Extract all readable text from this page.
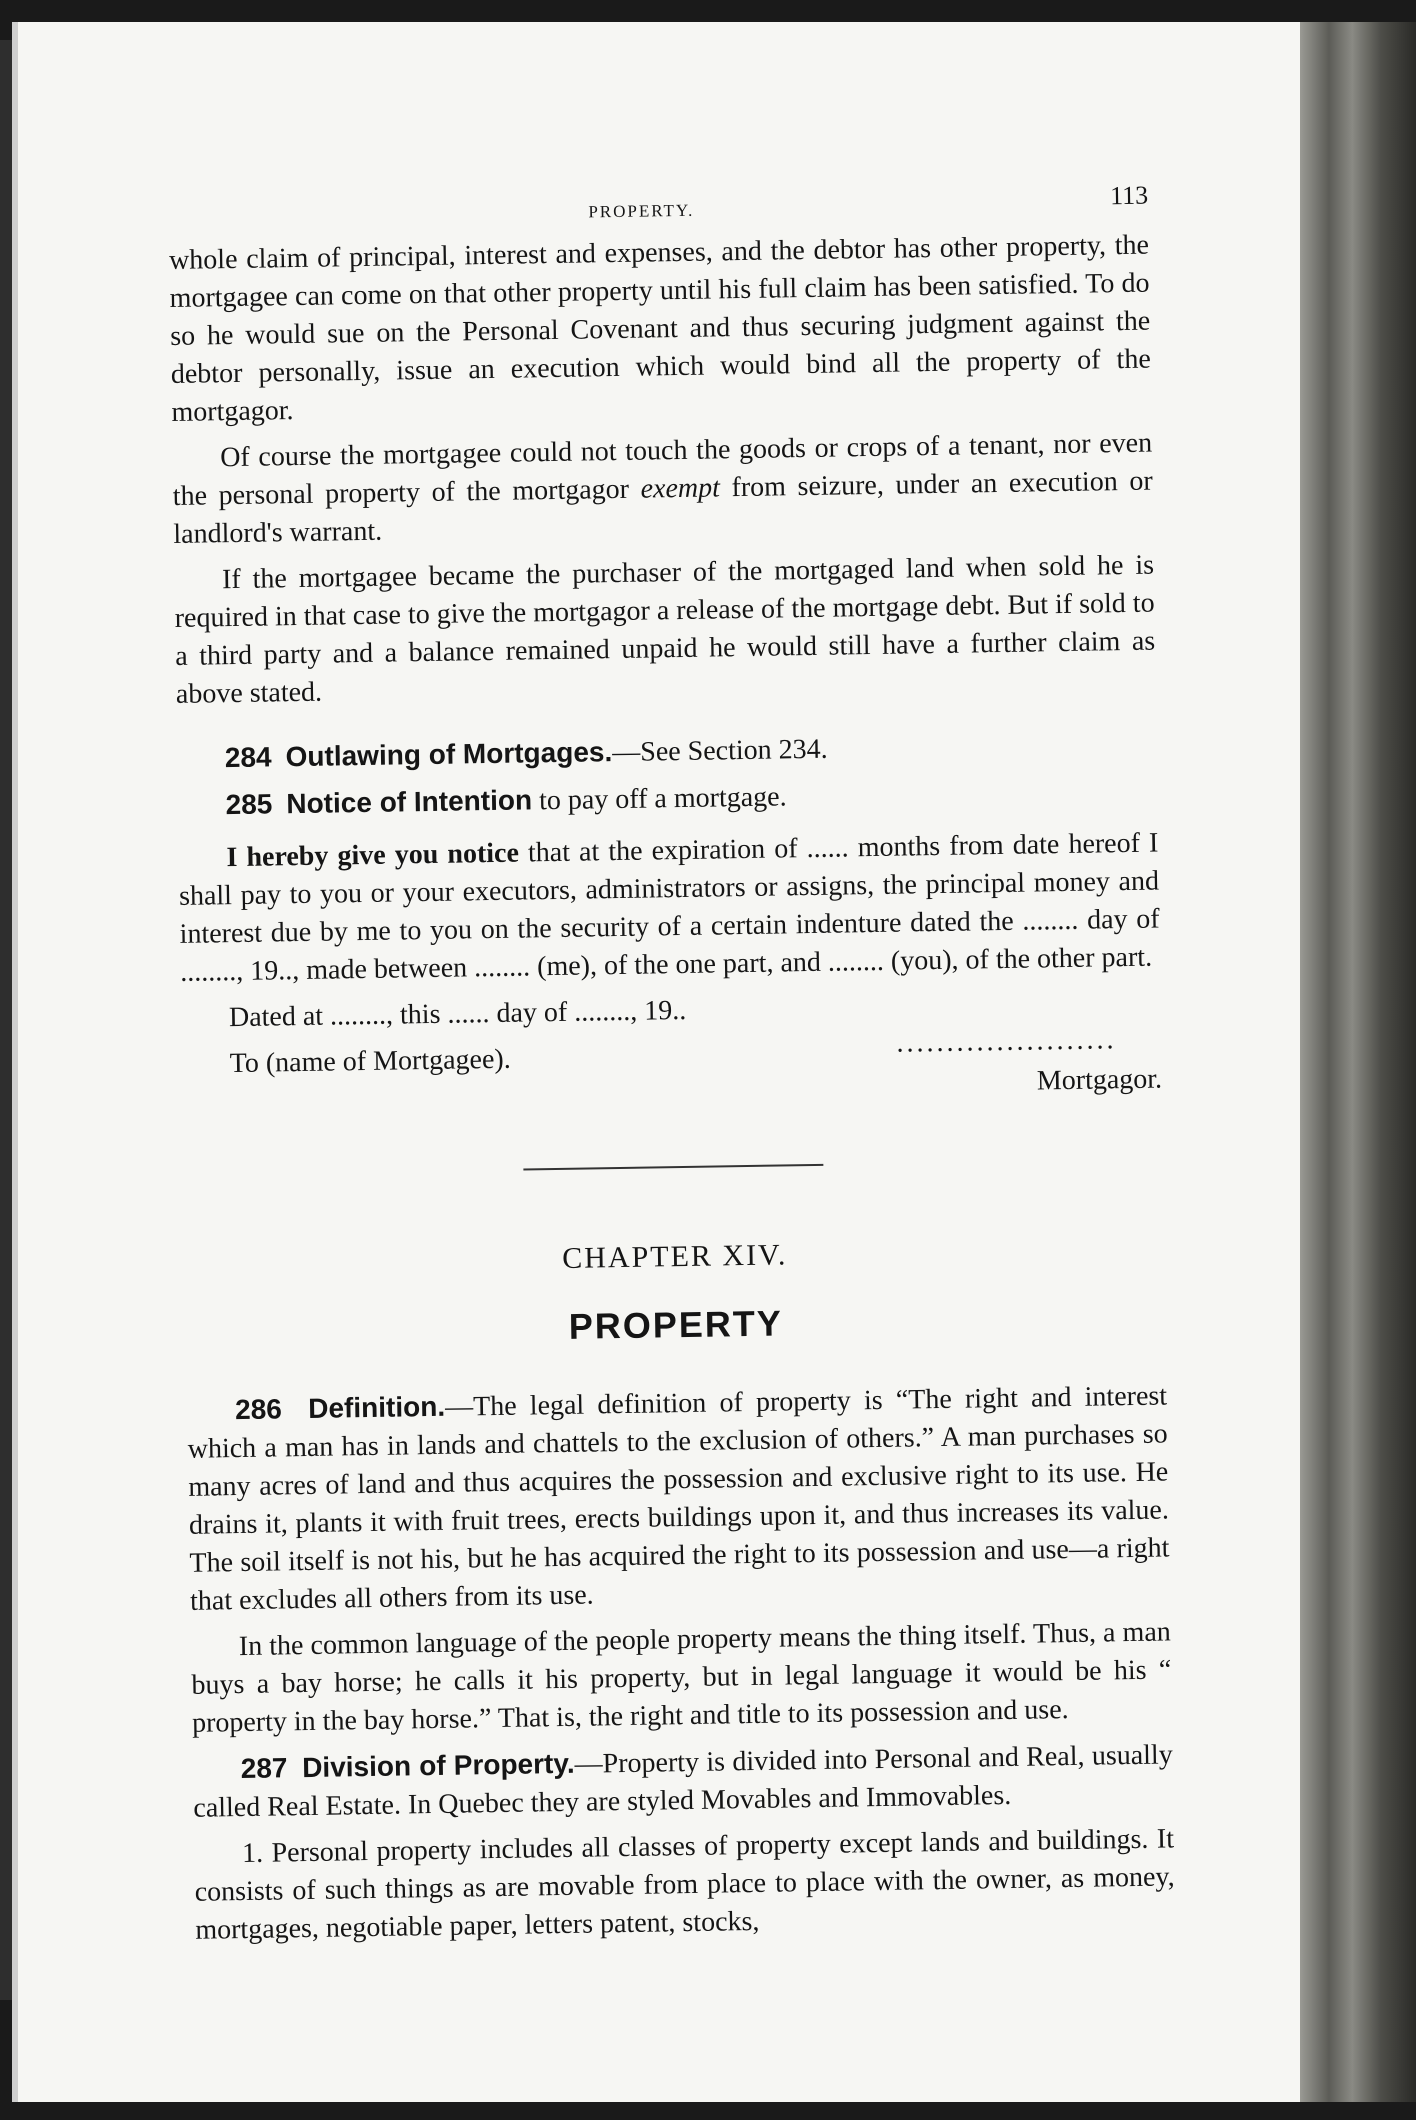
PROPERTY.
113

whole claim of principal, interest and expenses, and the debtor has other property, the mortgagee can come on that other property until his full claim has been satisfied. To do so he would sue on the Personal Covenant and thus securing judgment against the debtor personally, issue an execution which would bind all the property of the mortgagor.

Of course the mortgagee could not touch the goods or crops of a tenant, nor even the personal property of the mortgagor exempt from seizure, under an execution or landlord's warrant.

If the mortgagee became the purchaser of the mortgaged land when sold he is required in that case to give the mortgagor a release of the mortgage debt. But if sold to a third party and a balance remained unpaid he would still have a further claim as above stated.

284 Outlawing of Mortgages.—See Section 234.

285 Notice of Intention to pay off a mortgage.

I hereby give you notice that at the expiration of ...... months from date hereof I shall pay to you or your executors, administrators or assigns, the principal money and interest due by me to you on the security of a certain indenture dated the ........ day of ........, 19.., made between ........ (me), of the one part, and ........ (you), of the other part.

Dated at ........, this ...... day of ........, 19..

To (name of Mortgagee).
......................
Mortgagor.
CHAPTER XIV.
PROPERTY

286 Definition.—The legal definition of property is “The right and interest which a man has in lands and chattels to the exclusion of others.” A man purchases so many acres of land and thus acquires the possession and exclusive right to its use. He drains it, plants it with fruit trees, erects buildings upon it, and thus increases its value. The soil itself is not his, but he has acquired the right to its possession and use—a right that excludes all others from its use.

In the common language of the people property means the thing itself. Thus, a man buys a bay horse; he calls it his property, but in legal language it would be his “ property in the bay horse.” That is, the right and title to its possession and use.

287 Division of Property.—Property is divided into Personal and Real, usually called Real Estate. In Quebec they are styled Movables and Immovables.

1. Personal property includes all classes of property except lands and buildings. It consists of such things as are movable from place to place with the owner, as money, mortgages, negotiable paper, letters patent, stocks,
